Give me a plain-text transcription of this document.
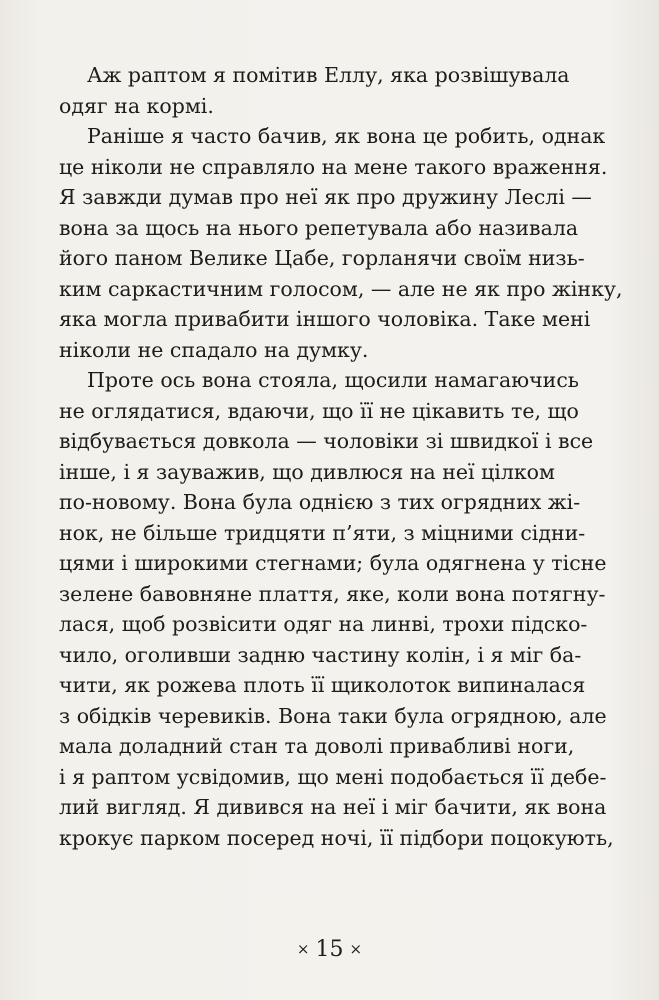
Аж раптом я помітив Еллу, яка розвішувала
одяг на кормі.
Раніше я часто бачив, як вона це робить, однак
це ніколи не справляло на мене такого враження.
Я завжди думав про неї як про дружину Леслі —
вона за щось на нього репетувала або називала
його паном Велике Цабе, горланячи своїм низь-
ким саркастичним голосом, — але не як про жінку,
яка могла привабити іншого чоловіка. Таке мені
ніколи не спадало на думку.
Проте ось вона стояла, щосили намагаючись
не оглядатися, вдаючи, що її не цікавить те, що
відбувається довкола — чоловіки зі швидкої і все
інше, і я зауважив, що дивлюся на неї цілком
по-новому. Вона була однією з тих огрядних жі-
нок, не більше тридцяти п’яти, з міцними сідни-
цями і широкими стегнами; була одягнена у тісне
зелене бавовняне плаття, яке, коли вона потягну-
лася, щоб розвісити одяг на линві, трохи підско-
чило, оголивши задню частину колін, і я міг ба-
чити, як рожева плоть її щиколоток випиналася
з обідків черевиків. Вона таки була огрядною, але
мала доладний стан та доволі привабливі ноги,
і я раптом усвідомив, що мені подобається її дебе-
лий вигляд. Я дивився на неї і міг бачити, як вона
крокує парком посеред ночі, її підбори поцокують,
× 15 ×
